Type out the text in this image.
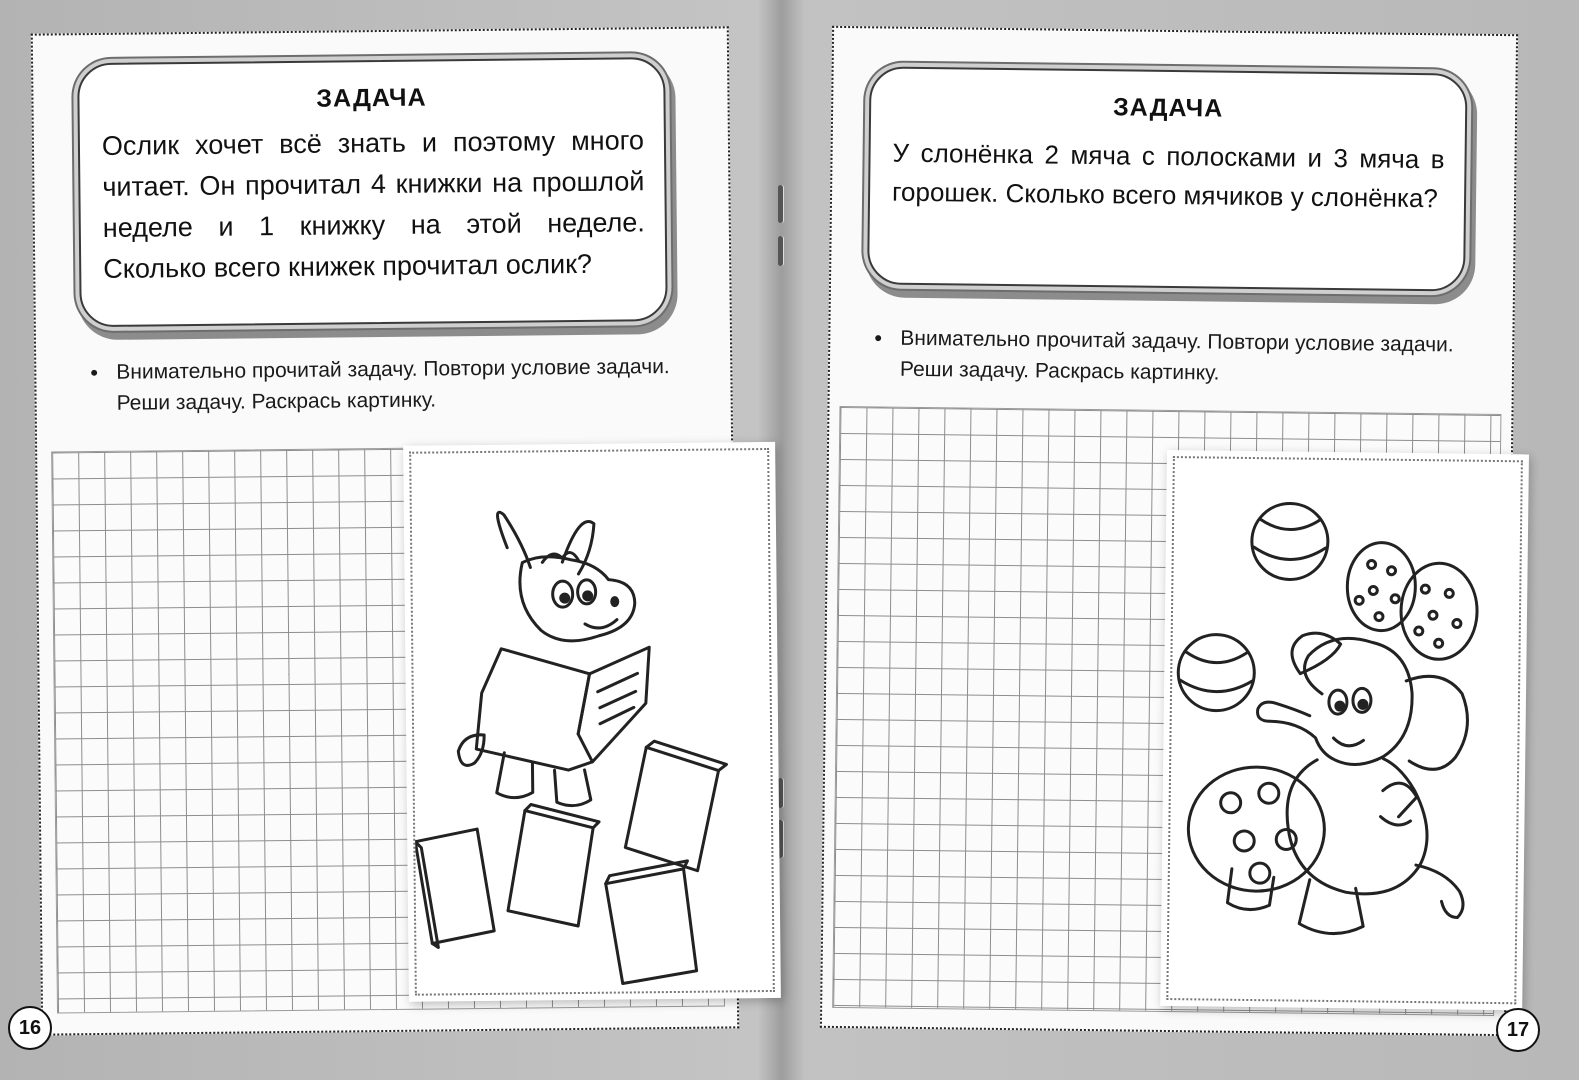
ЗАДАЧА
Ослик хочет всё знать и поэтому много читает. Он прочитал 4 книжки на прошлой неделе и 1 книжку на этой неделе. Сколько всего книжек прочитал ослик?
• Внимательно прочитай задачу. Повтори условие задачи. Реши задачу. Раскрась картинку.
ЗАДАЧА
У слонёнка 2 мяча с полосками и 3 мяча в горошек. Сколько всего мячиков у слонёнка?
• Внимательно прочитай задачу. Повтори условие задачи. Реши задачу. Раскрась картинку.
16	17
